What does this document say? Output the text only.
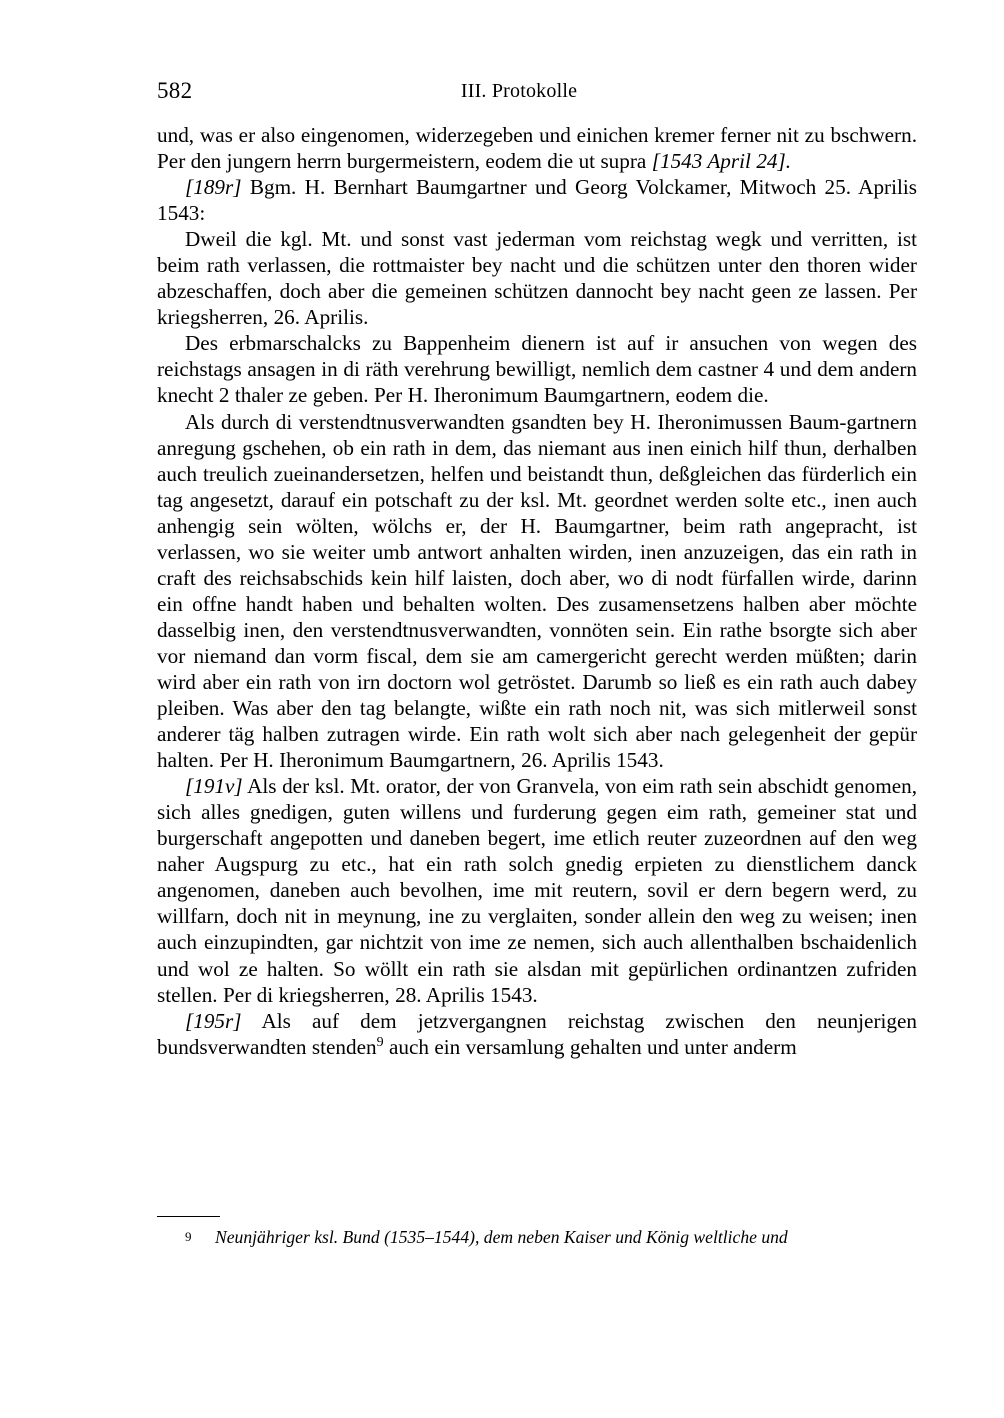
582	III. Protokolle

und, was er also eingenomen, widerzegeben und einichen kremer ferner nit zu bschwern. Per den jungern herrn burgermeistern, eodem die ut supra [1543 April 24].

[189r] Bgm. H. Bernhart Baumgartner und Georg Volckamer, Mitwoch 25. Aprilis 1543:

Dweil die kgl. Mt. und sonst vast jederman vom reichstag wegk und verritten, ist beim rath verlassen, die rottmaister bey nacht und die schützen unter den thoren wider abzeschaffen, doch aber die gemeinen schützen dannocht bey nacht geen ze lassen. Per kriegsherren, 26. Aprilis.

Des erbmarschalcks zu Bappenheim dienern ist auf ir ansuchen von wegen des reichstags ansagen in di räth verehrung bewilligt, nemlich dem castner 4 und dem andern knecht 2 thaler ze geben. Per H. Iheronimum Baumgartnern, eodem die.

Als durch di verstendtnusverwandten gsandten bey H. Iheronimussen Baum-gartnern anregung gschehen, ob ein rath in dem, das niemant aus inen einich hilf thun, derhalben auch treulich zueinandersetzen, helfen und beistandt thun, deßgleichen das fürderlich ein tag angesetzt, darauf ein potschaft zu der ksl. Mt. geordnet werden solte etc., inen auch anhengig sein wölten, wölchs er, der H. Baumgartner, beim rath angepracht, ist verlassen, wo sie weiter umb antwort anhalten wirden, inen anzuzeigen, das ein rath in craft des reichsabschids kein hilf laisten, doch aber, wo di nodt fürfallen wirde, darinn ein offne handt haben und behalten wolten. Des zusamensetzens halben aber möchte dasselbig inen, den verstendtnusverwandten, vonnöten sein. Ein rathe bsorgte sich aber vor niemand dan vorm fiscal, dem sie am camergericht gerecht werden müßten; darin wird aber ein rath von irn doctorn wol getröstet. Darumb so ließ es ein rath auch dabey pleiben. Was aber den tag belangte, wißte ein rath noch nit, was sich mitlerweil sonst anderer täg halben zutragen wirde. Ein rath wolt sich aber nach gelegenheit der gepür halten. Per H. Iheronimum Baumgartnern, 26. Aprilis 1543.

[191v] Als der ksl. Mt. orator, der von Granvela, von eim rath sein abschidt genomen, sich alles gnedigen, guten willens und furderung gegen eim rath, gemeiner stat und burgerschaft angepotten und daneben begert, ime etlich reuter zuzeordnen auf den weg naher Augspurg zu etc., hat ein rath solch gnedig erpieten zu dienstlichem danck angenomen, daneben auch bevolhen, ime mit reutern, sovil er dern begern werd, zu willfarn, doch nit in meynung, ine zu verglaiten, sonder allein den weg zu weisen; inen auch einzupindten, gar nichtzit von ime ze nemen, sich auch allenthalben bschaidenlich und wol ze halten. So wöllt ein rath sie alsdan mit gepürlichen ordinantzen zufriden stellen. Per di kriegsherren, 28. Aprilis 1543.

[195r] Als auf dem jetzvergangnen reichstag zwischen den neunjerigen bundsverwandten stenden$^9$ auch ein versamlung gehalten und unter anderm

9 Neunjähriger ksl. Bund (1535–1544), dem neben Kaiser und König weltliche und
